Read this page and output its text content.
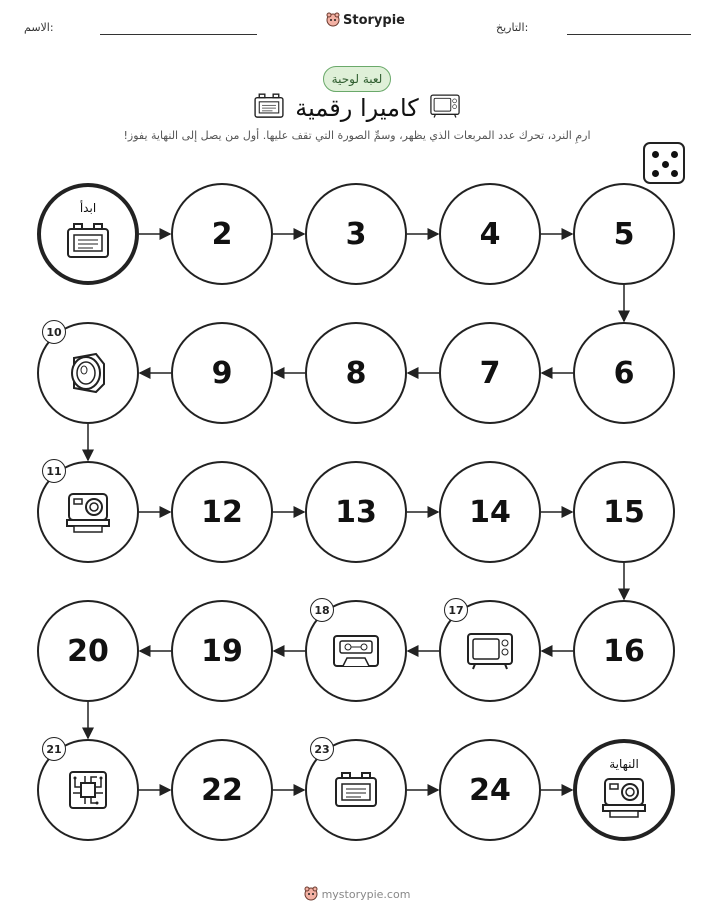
الاسم:	Storypie	التاريخ:
لعبة لوحية
كاميرا رقمية
ارمِ النرد، تحرك عدد المربعات الذي يظهر، وسمِّ الصورة التي تقف عليها. أول من يصل إلى النهاية يفوز!
ابدأ
2	3	4	5
6
7
8
9
10
11
12	13	14	15
16
17
18
19
20
21
22
23
24
النهاية
mystorypie.com
